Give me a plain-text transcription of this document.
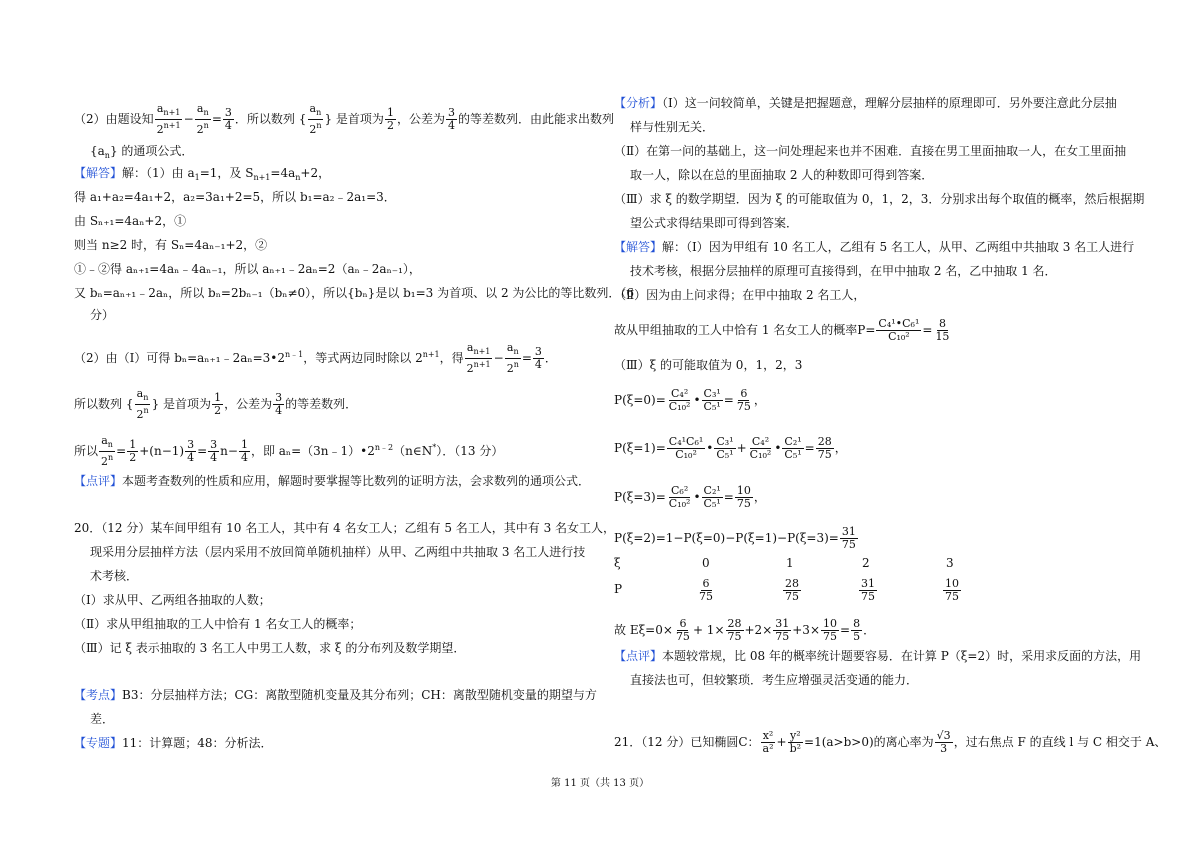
（2）由题设知 $\frac{a_{n+1}}{2^{n+1}} - \frac{a_n}{2^n} = \frac{3}{4}$ ．所以数列 { $\frac{a_n}{2^n}$ } 是首项为 $\frac{1}{2}$ ，公差为 $\frac{3}{4}$ 的等差数列．由此能求出数列
$\{a_n\}$ 的通项公式．
【解答】解：（1）由 $a_1=1$，及 $S_{n+1}=4a_n+2$，
得 a₁+a₂=4a₁+2，a₂=3a₁+2=5，所以 b₁=a₂﹣2a₁=3．
由 Sₙ₊₁=4aₙ+2，①
则当 n≥2 时，有 Sₙ=4aₙ₋₁+2，②
①﹣②得 aₙ₊₁=4aₙ﹣4aₙ₋₁，所以 aₙ₊₁﹣2aₙ=2（aₙ﹣2aₙ₋₁），
又 bₙ=aₙ₊₁﹣2aₙ，所以 bₙ=2bₙ₋₁（bₙ≠0），所以{bₙ}是以 b₁=3 为首项、以 2 为公比的等比数列．（6
分）
（2）由（I）可得 $b_n=a_{n+1}﹣2a_n=3•2^{n﹣1}$，等式两边同时除以 $2^{n+1}$，得 $\frac{a_{n+1}}{2^{n+1}} - \frac{a_n}{2^n} = \frac{3}{4}$ ．
所以数列 { $\frac{a_n}{2^n}$ } 是首项为 $\frac{1}{2}$ ，公差为 $\frac{3}{4}$ 的等差数列．
所以 $\frac{a_n}{2^n} = \frac{1}{2} +(n-1) \frac{3}{4} = \frac{3}{4} n- \frac{1}{4}$ ，即 $a_n=(3n﹣1)•2^{n﹣2}(n\in N^*)$．（13 分）
【点评】本题考查数列的性质和应用，解题时要掌握等比数列的证明方法，会求数列的通项公式．
20．（12 分）某车间甲组有 10 名工人，其中有 4 名女工人；乙组有 5 名工人，其中有 3 名女工人，
现采用分层抽样方法（层内采用不放回简单随机抽样）从甲、乙两组中共抽取 3 名工人进行技
术考核．
（Ⅰ）求从甲、乙两组各抽取的人数；
（Ⅱ）求从甲组抽取的工人中恰有 1 名女工人的概率；
（Ⅲ）记 ξ 表示抽取的 3 名工人中男工人数，求 ξ 的分布列及数学期望．
【考点】B3：分层抽样方法；CG：离散型随机变量及其分布列；CH：离散型随机变量的期望与方
差．
【专题】11：计算题；48：分析法．
【分析】（Ⅰ）这一问较简单，关键是把握题意，理解分层抽样的原理即可．另外要注意此分层抽
样与性别无关．
（Ⅱ）在第一问的基础上，这一问处理起来也并不困难．直接在男工里面抽取一人，在女工里面抽
取一人，除以在总的里面抽取 2 人的种数即可得到答案．
（Ⅲ）求 ξ 的数学期望．因为 ξ 的可能取值为 0，1，2，3．分别求出每个取值的概率，然后根据期
望公式求得结果即可得到答案．
【解答】解：（Ⅰ）因为甲组有 10 名工人，乙组有 5 名工人，从甲、乙两组中共抽取 3 名工人进行
技术考核，根据分层抽样的原理可直接得到，在甲中抽取 2 名，乙中抽取 1 名．
（Ⅱ）因为由上问求得；在甲中抽取 2 名工人，
故从甲组抽取的工人中恰有 1 名女工人的概率$P= \frac{\text{C₄¹•C₆¹}}{\text{C₁₀²}} = \frac{8}{15}$
（Ⅲ）ξ 的可能取值为 0，1，2，3
$P(\xi=0)= \frac{\text{C₄²}}{\text{C₁₀²}}$ • $\frac{\text{C₃¹}}{\text{C₅¹}} = \frac{6}{75}$ ，
$P(\xi=1)= \frac{\text{C₄¹C₆¹}}{\text{C₁₀²}}$ • $\frac{\text{C₃¹}}{\text{C₅¹}} + \frac{\text{C₄²}}{\text{C₁₀²}}$ • $\frac{\text{C₂¹}}{\text{C₅¹}} = \frac{28}{75}$ ，
$P(\xi=3)= \frac{\text{C₆²}}{\text{C₁₀²}}$ • $\frac{\text{C₂¹}}{\text{C₅¹}} = \frac{10}{75}$ ，
$P(\xi=2)=1-P(\xi=0)-P(\xi=1)-P(\xi=3)= \frac{31}{75}$
ξ	0	1	2	3
P	$\frac{6}{75}$	$\frac{28}{75}$	$\frac{31}{75}$	$\frac{10}{75}$
故 $E\xi=0\times \frac{6}{75} + 1\times \frac{28}{75} +2\times \frac{31}{75} +3\times \frac{10}{75} = \frac{8}{5}$ ．
【点评】本题较常规，比 08 年的概率统计题要容易．在计算 P（ξ=2）时，采用求反面的方法，用
直接法也可，但较繁琐．考生应增强灵活变通的能力．
21．（12 分）已知椭圆C： $\frac{\text{x²}}{\text{a²}} + \frac{\text{y²}}{\text{b²}} =1(a>b>0)$的离心率为 $\frac{√3}{3}$ ，过右焦点 F 的直线 l 与 C 相交于 A、
第 11 页（共 13 页）
